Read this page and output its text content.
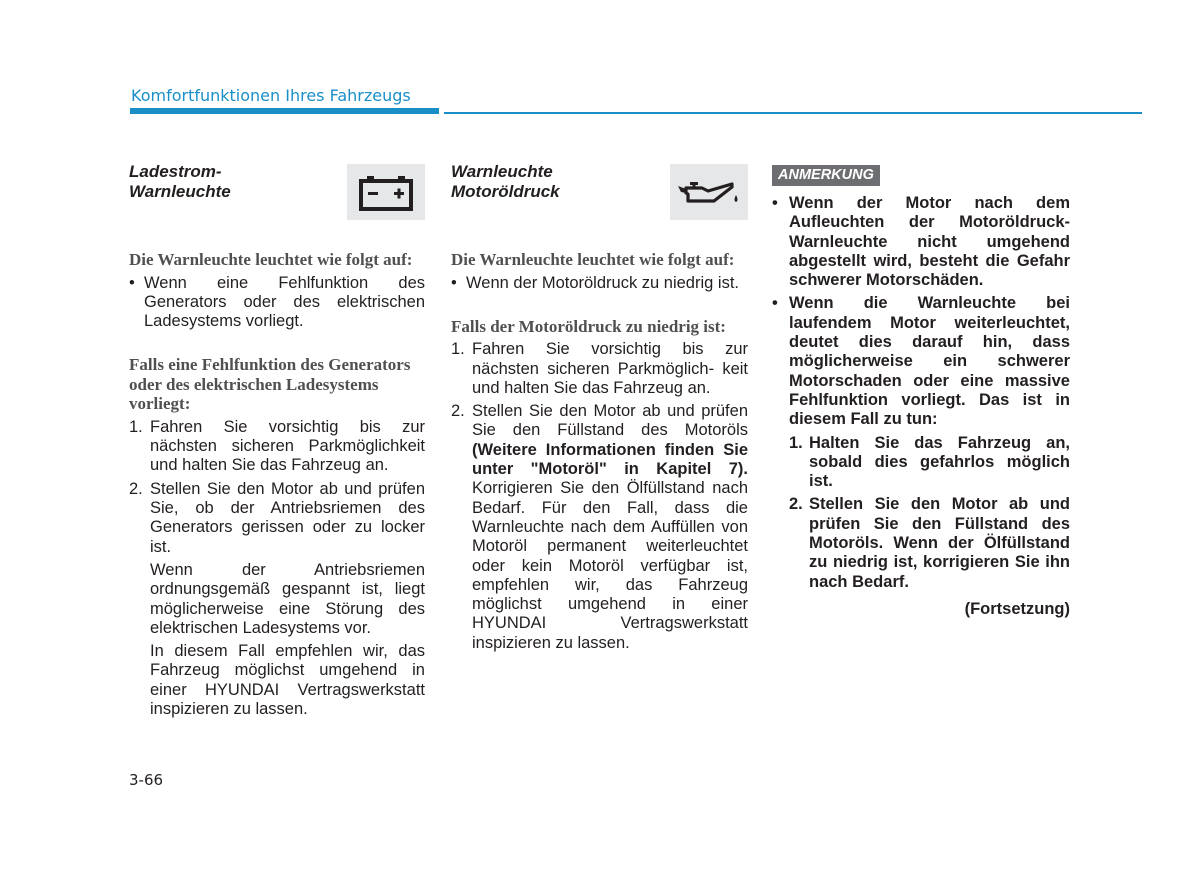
Komfortfunktionen Ihres Fahrzeugs
Ladestrom-
Warnleuchte
Die Warnleuchte leuchtet wie folgt auf:
• Wenn eine Fehlfunktion des Generators oder des elektrischen Ladesystems vorliegt.
Falls eine Fehlfunktion des Generators oder des elektrischen Ladesystems vorliegt:
1. Fahren Sie vorsichtig bis zur nächsten sicheren Parkmöglichkeit und halten Sie das Fahrzeug an.
2. Stellen Sie den Motor ab und prüfen Sie, ob der Antriebsriemen des Generators gerissen oder zu locker ist.
Wenn der Antriebsriemen ordnungsgemäß gespannt ist, liegt möglicherweise eine Störung des elektrischen Ladesystems vor.
In diesem Fall empfehlen wir, das Fahrzeug möglichst umgehend in einer HYUNDAI Vertragswerkstatt inspizieren zu lassen.
Warnleuchte
Motoröldruck
Die Warnleuchte leuchtet wie folgt auf:
• Wenn der Motoröldruck zu niedrig ist.
Falls der Motoröldruck zu niedrig ist:
1. Fahren Sie vorsichtig bis zur nächsten sicheren Parkmöglich- keit und halten Sie das Fahrzeug an.
2. Stellen Sie den Motor ab und prüfen Sie den Füllstand des Motoröls (Weitere Informationen finden Sie unter "Motoröl" in Kapitel 7). Korrigieren Sie den Ölfüllstand nach Bedarf. Für den Fall, dass die Warnleuchte nach dem Auffüllen von Motoröl permanent weiterleuchtet oder kein Motoröl verfügbar ist, empfehlen wir, das Fahrzeug möglichst umgehend in einer HYUNDAI Vertragswerkstatt inspizieren zu lassen.
ANMERKUNG
• Wenn der Motor nach dem Aufleuchten der Motoröldruck-Warnleuchte nicht umgehend abgestellt wird, besteht die Gefahr schwerer Motorschäden.
• Wenn die Warnleuchte bei laufendem Motor weiterleuchtet, deutet dies darauf hin, dass möglicherweise ein schwerer Motorschaden oder eine massive Fehlfunktion vorliegt. Das ist in diesem Fall zu tun:
1. Halten Sie das Fahrzeug an, sobald dies gefahrlos möglich ist.
2. Stellen Sie den Motor ab und prüfen Sie den Füllstand des Motoröls. Wenn der Ölfüllstand zu niedrig ist, korrigieren Sie ihn nach Bedarf.
(Fortsetzung)
3-66
